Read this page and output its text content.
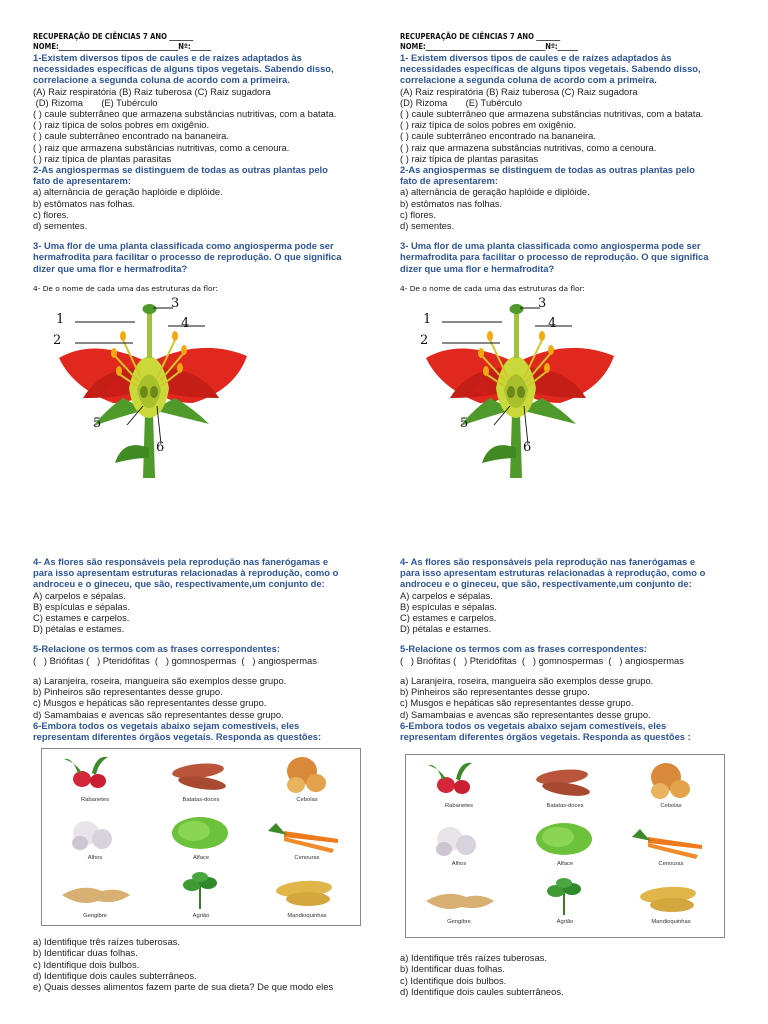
RECUPERAÇÃO DE CIÊNCIAS 7 ANO _______
NOME:___________________________________Nº:______
1-Existem diversos tipos de caules e de raízes adaptados às
necessidades específicas de alguns tipos vegetais. Sabendo disso,
correlacione a segunda coluna de acordo com a primeira.
(A) Raiz respiratória (B) Raiz tuberosa (C) Raiz sugadora
(D) Rizoma       (E) Tubérculo
( ) caule subterrâneo que armazena substâncias nutritivas, com a batata.
( ) raiz típica de solos pobres em oxigênio.
( ) caule subterrâneo encontrado na bananeira.
( ) raiz que armazena substâncias nutritivas, como a cenoura.
( ) raiz típica de plantas parasitas
2-As angiospermas se distinguem de todas as outras plantas pelo
fato de apresentarem:
a) alternância de geração haplóide e diplóide.
b) estômatos nas folhas.
c) flores.
d) sementes.
3- Uma flor de uma planta classificada como angiosperma pode ser
hermafrodita para facilitar o processo de reprodução. O que significa
dizer que uma flor e hermafrodita?
4- De o nome de cada uma das estruturas da flor:
1
2
3
4
5
6
4- As flores são responsáveis pela reprodução nas fanerógamas e
para isso apresentam estruturas relacionadas à reprodução, como o
androceu e o gineceu, que são, respectivamente,um conjunto de:
A) carpelos e sépalas.
B) espículas e sépalas.
C) estames e carpelos.
D) pétalas e estames.
5-Relacione os termos com as frases correspondentes:
(   ) Briófitas (   ) Pteridófitas  (   ) gomnospermas  (   ) angiospermas
a) Laranjeira, roseira, mangueira são exemplos desse grupo.
b) Pinheiros são representantes desse grupo.
c) Musgos e hepáticas são representantes desse grupo.
d) Samambaias e avencas são representantes desse grupo.
6-Embora todos os vegetais abaixo sejam comestíveis, eles
representam diferentes órgãos vegetais. Responda as questões:
Rabanetes	Batatas-doces	Cebolas
Alhos	Alface	Cenouras
Gengibre	Agrião	Mandioquinhas
a) Identifique três raízes tuberosas.
b) Identificar duas folhas.
c) Identifique dois bulbos.
d) Identifique dois caules subterrâneos.
e) Quais desses alimentos fazem parte de sua dieta? De que modo eles
RECUPERAÇÃO DE CIÊNCIAS 7 ANO _______
NOME:___________________________________Nº:______
1- Existem diversos tipos de caules e de raízes adaptados às
necessidades específicas de alguns tipos vegetais. Sabendo disso,
correlacione a segunda coluna de acordo com a primeira.
(A) Raiz respiratória (B) Raiz tuberosa (C) Raiz sugadora
(D) Rizoma       (E) Tubérculo
( ) caule subterrâneo que armazena substâncias nutritivas, com a batata.
( ) raiz típica de solos pobres em oxigênio.
( ) caule subterrâneo encontrado na bananeira.
( ) raiz que armazena substâncias nutritivas, como a cenoura.
( ) raiz típica de plantas parasitas
2-As angiospermas se distinguem de todas as outras plantas pelo
fato de apresentarem:
a) alternância de geração haplóide e diplóide.
b) estômatos nas folhas.
c) flores.
d) sementes.
3- Uma flor de uma planta classificada como angiosperma pode ser
hermafrodita para facilitar o processo de reprodução. O que significa
dizer que uma flor e hermafrodita?
4- De o nome de cada uma das estruturas da flor:
1
2
3
4
5
6
4- As flores são responsáveis pela reprodução nas fanerógamas e
para isso apresentam estruturas relacionadas à reprodução, como o
androceu e o gineceu, que são, respectivamente,um conjunto de:
A) carpelos e sépalas.
B) espículas e sépalas.
C) estames e carpelos.
D) pétalas e estames.
5-Relacione os termos com as frases correspondentes:
(   ) Briófitas (   ) Pteridófitas  (   ) gomnospermas  (   ) angiospermas
a) Laranjeira, roseira, mangueira são exemplos desse grupo.
b) Pinheiros são representantes desse grupo.
c) Musgos e hepáticas são representantes desse grupo.
d) Samambaias e avencas são representantes desse grupo.
6-Embora todos os vegetais abaixo sejam comestíveis, eles
representam diferentes órgãos vegetais. Responda as questões :
Rabanetes	Batatas-doces	Cebolas
Alhos	Alface	Cenouras
Gengibre	Agrião	Mandioquinhas
a) Identifique três raízes tuberosas.
b) Identificar duas folhas.
c) Identifique dois bulbos.
d) Identifique dois caules subterrâneos.
